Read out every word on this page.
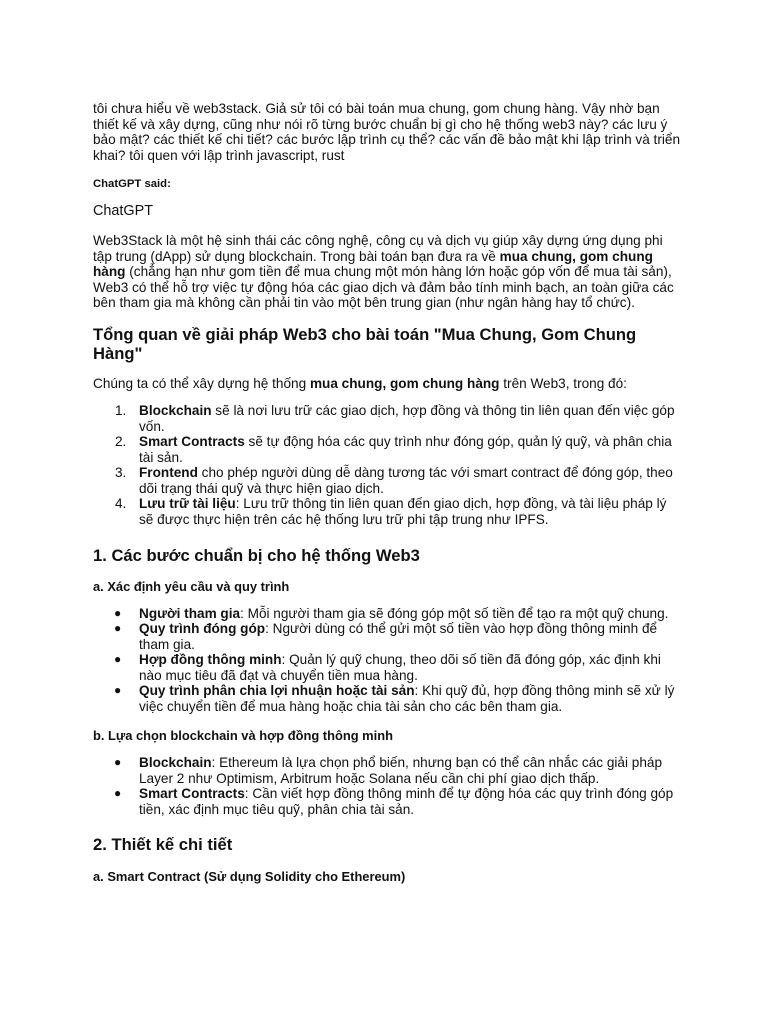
tôi chưa hiểu về web3stack. Giả sử tôi có bài toán mua chung, gom chung hàng. Vậy nhờ bạn thiết kế và xây dựng, cũng như nói rõ từng bước chuẩn bị gì cho hệ thống web3 này? các lưu ý bảo mật? các thiết kế chi tiết? các bước lập trình cụ thể? các vấn đề bảo mật khi lập trình và triển khai? tôi quen với lập trình javascript, rust

ChatGPT said:

ChatGPT

Web3Stack là một hệ sinh thái các công nghệ, công cụ và dịch vụ giúp xây dựng ứng dụng phi tập trung (dApp) sử dụng blockchain. Trong bài toán bạn đưa ra về mua chung, gom chung hàng (chẳng hạn như gom tiền để mua chung một món hàng lớn hoặc góp vốn để mua tài sản), Web3 có thể hỗ trợ việc tự động hóa các giao dịch và đảm bảo tính minh bạch, an toàn giữa các bên tham gia mà không cần phải tin vào một bên trung gian (như ngân hàng hay tổ chức).

Tổng quan về giải pháp Web3 cho bài toán "Mua Chung, Gom Chung Hàng"

Chúng ta có thể xây dựng hệ thống mua chung, gom chung hàng trên Web3, trong đó:

1. Blockchain sẽ là nơi lưu trữ các giao dịch, hợp đồng và thông tin liên quan đến việc góp vốn.
2. Smart Contracts sẽ tự động hóa các quy trình như đóng góp, quản lý quỹ, và phân chia tài sản.
3. Frontend cho phép người dùng dễ dàng tương tác với smart contract để đóng góp, theo dõi trạng thái quỹ và thực hiện giao dịch.
4. Lưu trữ tài liệu: Lưu trữ thông tin liên quan đến giao dịch, hợp đồng, và tài liệu pháp lý sẽ được thực hiện trên các hệ thống lưu trữ phi tập trung như IPFS.
1. Các bước chuẩn bị cho hệ thống Web3
a. Xác định yêu cầu và quy trình
● Người tham gia: Mỗi người tham gia sẽ đóng góp một số tiền để tạo ra một quỹ chung.
● Quy trình đóng góp: Người dùng có thể gửi một số tiền vào hợp đồng thông minh để tham gia.
● Hợp đồng thông minh: Quản lý quỹ chung, theo dõi số tiền đã đóng góp, xác định khi nào mục tiêu đã đạt và chuyển tiền mua hàng.
● Quy trình phân chia lợi nhuận hoặc tài sản: Khi quỹ đủ, hợp đồng thông minh sẽ xử lý việc chuyển tiền để mua hàng hoặc chia tài sản cho các bên tham gia.
b. Lựa chọn blockchain và hợp đồng thông minh
● Blockchain: Ethereum là lựa chọn phổ biến, nhưng bạn có thể cân nhắc các giải pháp Layer 2 như Optimism, Arbitrum hoặc Solana nếu cần chi phí giao dịch thấp.
● Smart Contracts: Cần viết hợp đồng thông minh để tự động hóa các quy trình đóng góp tiền, xác định mục tiêu quỹ, phân chia tài sản.
2. Thiết kế chi tiết
a. Smart Contract (Sử dụng Solidity cho Ethereum)
